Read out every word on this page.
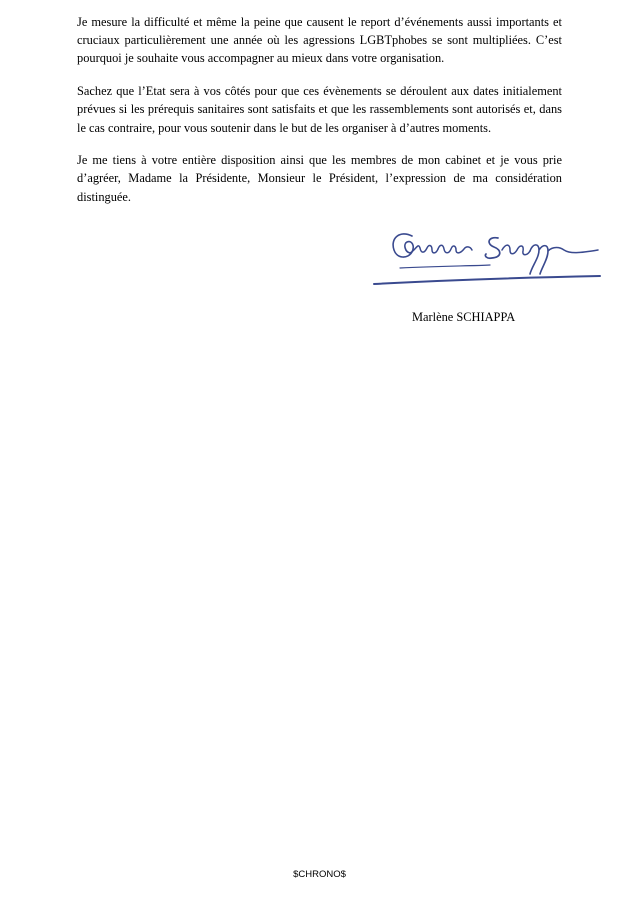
Je mesure la difficulté et même la peine que causent le report d’événements aussi importants et cruciaux particulièrement une année où les agressions LGBTphobes se sont multipliées. C’est pourquoi je souhaite vous accompagner au mieux dans votre organisation.

Sachez que l’Etat sera à vos côtés pour que ces évènements se déroulent aux dates initialement prévues si les prérequis sanitaires sont satisfaits et que les rassemblements sont autorisés et, dans le cas contraire, pour vous soutenir dans le but de les organiser à d’autres moments.

Je me tiens à votre entière disposition ainsi que les membres de mon cabinet et je vous prie d’agréer, Madame la Présidente, Monsieur le Président, l’expression de ma considération distinguée.

Marlène SCHIAPPA
$CHRONO$
